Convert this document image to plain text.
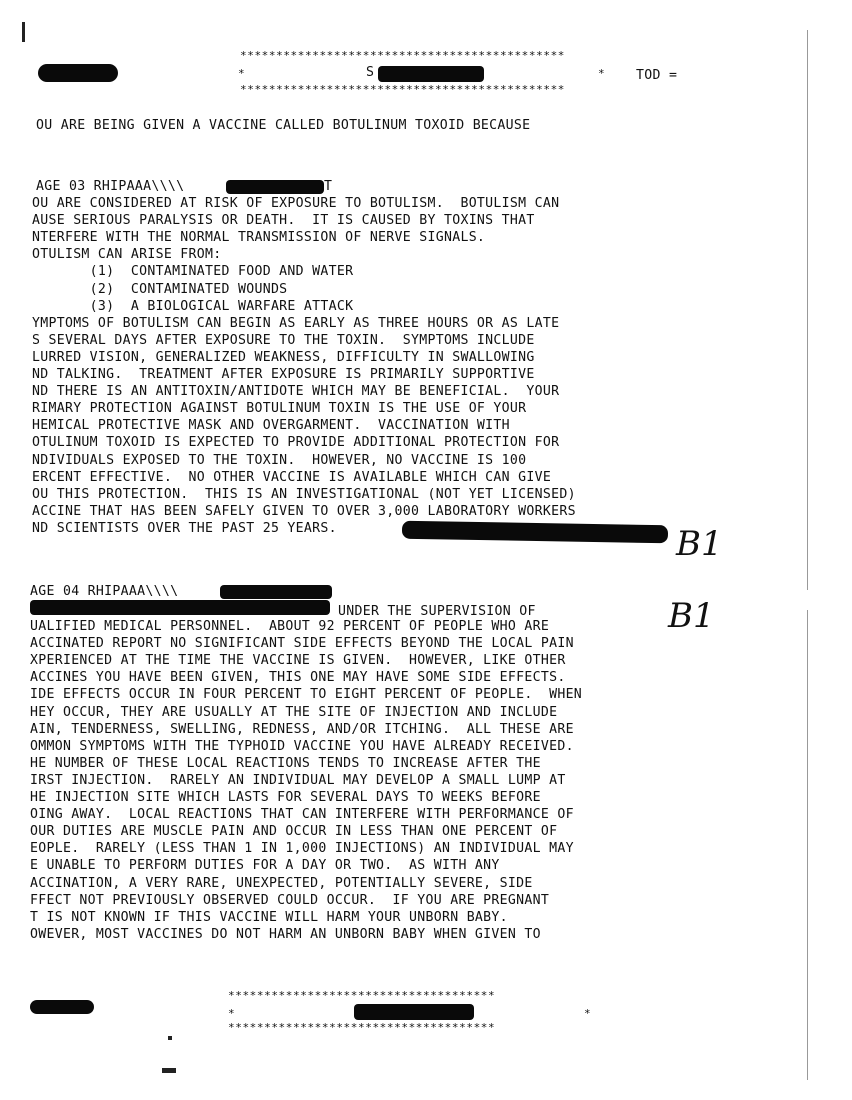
*********************************************
*	S	* TOD =
*********************************************
OU ARE BEING GIVEN A VACCINE CALLED BOTULINUM TOXOID BECAUSE
AGE 03 RHIPAAA\\\\	T
OU ARE CONSIDERED AT RISK OF EXPOSURE TO BOTULISM.  BOTULISM CAN
AUSE SERIOUS PARALYSIS OR DEATH.  IT IS CAUSED BY TOXINS THAT
NTERFERE WITH THE NORMAL TRANSMISSION OF NERVE SIGNALS.
OTULISM CAN ARISE FROM:
(1)  CONTAMINATED FOOD AND WATER
(2)  CONTAMINATED WOUNDS
(3)  A BIOLOGICAL WARFARE ATTACK
YMPTOMS OF BOTULISM CAN BEGIN AS EARLY AS THREE HOURS OR AS LATE
S SEVERAL DAYS AFTER EXPOSURE TO THE TOXIN.  SYMPTOMS INCLUDE
LURRED VISION, GENERALIZED WEAKNESS, DIFFICULTY IN SWALLOWING
ND TALKING.  TREATMENT AFTER EXPOSURE IS PRIMARILY SUPPORTIVE
ND THERE IS AN ANTITOXIN/ANTIDOTE WHICH MAY BE BENEFICIAL.  YOUR
RIMARY PROTECTION AGAINST BOTULINUM TOXIN IS THE USE OF YOUR
HEMICAL PROTECTIVE MASK AND OVERGARMENT.  VACCINATION WITH
OTULINUM TOXOID IS EXPECTED TO PROVIDE ADDITIONAL PROTECTION FOR
NDIVIDUALS EXPOSED TO THE TOXIN.  HOWEVER, NO VACCINE IS 100
ERCENT EFFECTIVE.  NO OTHER VACCINE IS AVAILABLE WHICH CAN GIVE
OU THIS PROTECTION.  THIS IS AN INVESTIGATIONAL (NOT YET LICENSED)
ACCINE THAT HAS BEEN SAFELY GIVEN TO OVER 3,000 LABORATORY WORKERS
ND SCIENTISTS OVER THE PAST 25 YEARS.	B1
AGE 04 RHIPAAA\\\\
UNDER THE SUPERVISION OF	B1
UALIFIED MEDICAL PERSONNEL.  ABOUT 92 PERCENT OF PEOPLE WHO ARE
ACCINATED REPORT NO SIGNIFICANT SIDE EFFECTS BEYOND THE LOCAL PAIN
XPERIENCED AT THE TIME THE VACCINE IS GIVEN.  HOWEVER, LIKE OTHER
ACCINES YOU HAVE BEEN GIVEN, THIS ONE MAY HAVE SOME SIDE EFFECTS.
IDE EFFECTS OCCUR IN FOUR PERCENT TO EIGHT PERCENT OF PEOPLE.  WHEN
HEY OCCUR, THEY ARE USUALLY AT THE SITE OF INJECTION AND INCLUDE
AIN, TENDERNESS, SWELLING, REDNESS, AND/OR ITCHING.  ALL THESE ARE
OMMON SYMPTOMS WITH THE TYPHOID VACCINE YOU HAVE ALREADY RECEIVED.
HE NUMBER OF THESE LOCAL REACTIONS TENDS TO INCREASE AFTER THE
IRST INJECTION.  RARELY AN INDIVIDUAL MAY DEVELOP A SMALL LUMP AT
HE INJECTION SITE WHICH LASTS FOR SEVERAL DAYS TO WEEKS BEFORE
OING AWAY.  LOCAL REACTIONS THAT CAN INTERFERE WITH PERFORMANCE OF
OUR DUTIES ARE MUSCLE PAIN AND OCCUR IN LESS THAN ONE PERCENT OF
EOPLE.  RARELY (LESS THAN 1 IN 1,000 INJECTIONS) AN INDIVIDUAL MAY
E UNABLE TO PERFORM DUTIES FOR A DAY OR TWO.  AS WITH ANY
ACCINATION, A VERY RARE, UNEXPECTED, POTENTIALLY SEVERE, SIDE
FFECT NOT PREVIOUSLY OBSERVED COULD OCCUR.  IF YOU ARE PREGNANT
T IS NOT KNOWN IF THIS VACCINE WILL HARM YOUR UNBORN BABY.
OWEVER, MOST VACCINES DO NOT HARM AN UNBORN BABY WHEN GIVEN TO
*************************************
*	*
*************************************
